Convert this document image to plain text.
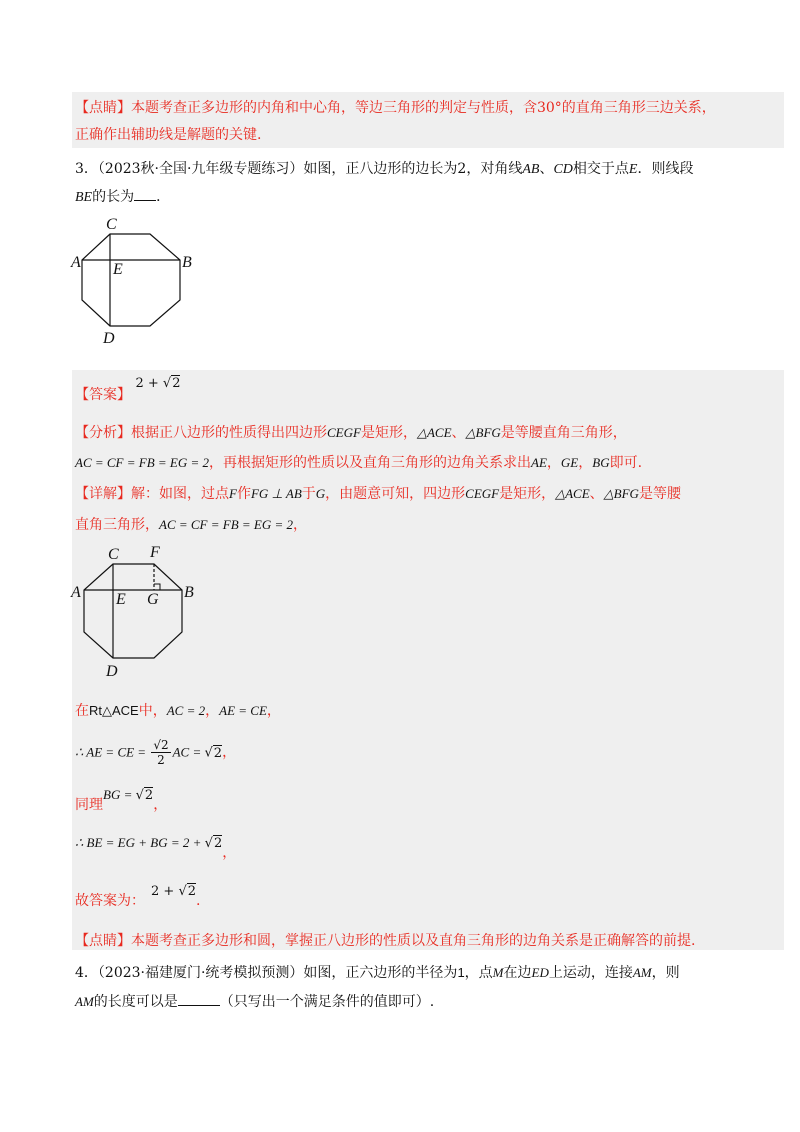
【点睛】本题考查正多边形的内角和中心角，等边三角形的判定与性质，含30°的直角三角形三边关系，
正确作出辅助线是解题的关键.
3．（2023秋·全国·九年级专题练习）如图，正八边形的边长为2，对角线AB、CD相交于点E．则线段
BE的长为 ．
C
A E	B
D
【答案】 2 + √2
【分析】根据正八边形的性质得出四边形CEGF是矩形，△ACE、△BFG是等腰直角三角形，
AC = CF = FB = EG = 2，再根据矩形的性质以及直角三角形的边角关系求出AE，GE，BG即可.
【详解】解：如图，过点F作FG ⊥ AB于G，由题意可知，四边形CEGF是矩形，△ACE、△BFG是等腰
直角三角形，AC = CF = FB = EG = 2，
C F
A E G B
D
在Rt△ACE中，AC = 2，AE = CE，
∴ AE = CE = $\frac{√2}{2}$ AC = √2，
同理BG = √2，
∴ BE = EG + BG = 2 + √2，
故答案为：2 + √2.
【点睛】本题考查正多边形和圆，掌握正八边形的性质以及直角三角形的边角关系是正确解答的前提.
4．（2023·福建厦门·统考模拟预测）如图，正六边形的半径为1，点M在边ED上运动，连接AM，则
AM的长度可以是	（只写出一个满足条件的值即可）.
